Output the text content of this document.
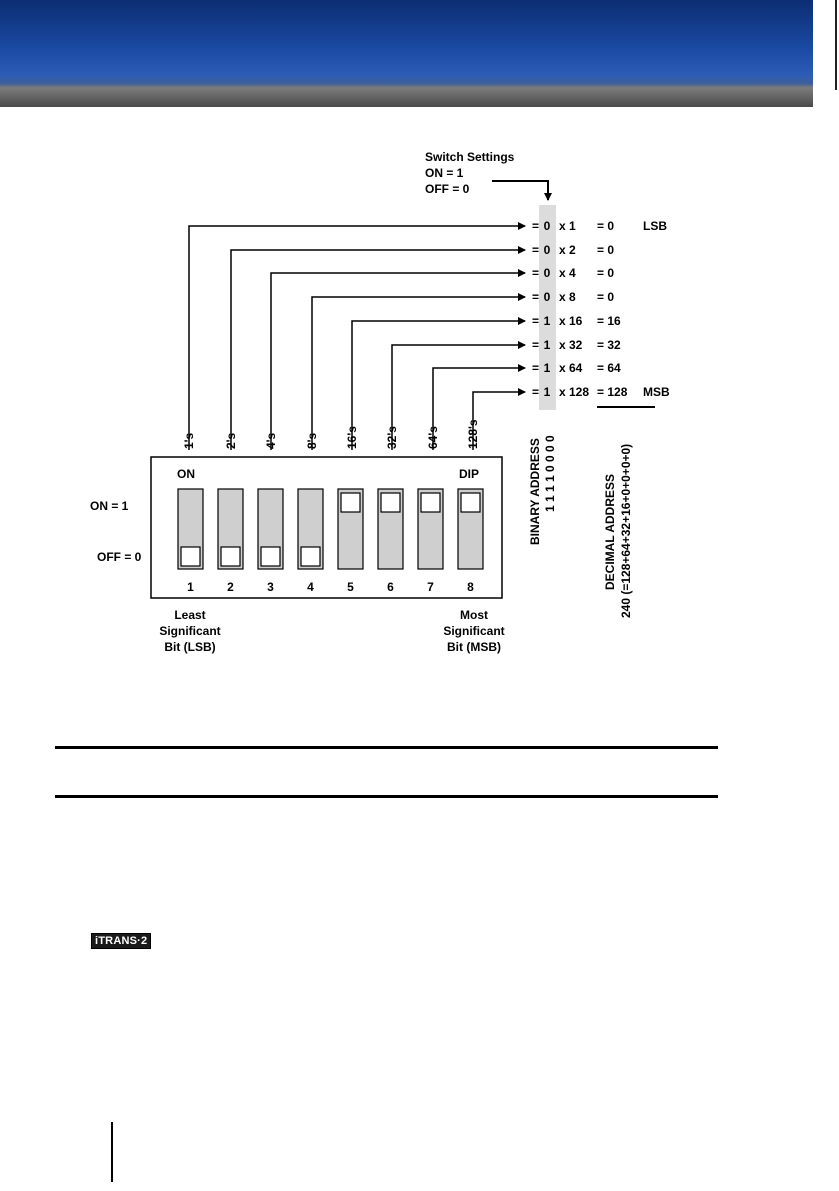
Switch Settings
ON = 1
OFF = 0
= 0 x 1 = 0 LSB
= 0 x 2 = 0
= 0 x 4 = 0
= 0 x 8 = 0
= 1 x 16 = 16
= 1 x 32 = 32
= 1 x 64 = 64
= 1 x 128 = 128 MSB
1's 2's 4's 8's 16's 32's 64's 128's
ON	DIP
1	2	3	4	5	6	7	8
ON = 1
OFF = 0
Least
Significant
Bit (LSB)
Most
Significant
Bit (MSB)
BINARY ADDRESS 1 1 1 1 0 0 0 0
DECIMAL ADDRESS 240 (=128+64+32+16+0+0+0+0)
iTRANS·2
